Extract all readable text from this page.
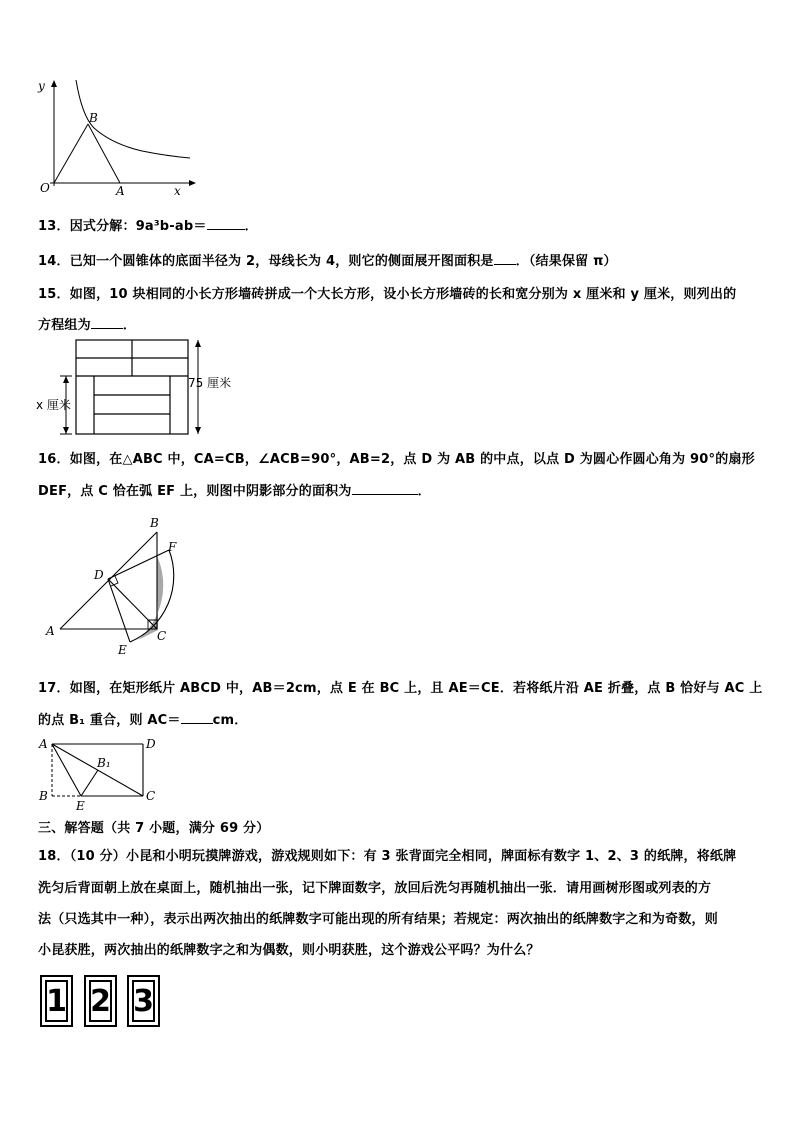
y
x
O	A
B
13．因式分解：9a³b-ab＝	．
14．已知一个圆锥体的底面半径为 2，母线长为 4，则它的侧面展开图面积是 ．（结果保留 π）
15．如图，10 块相同的小长方形墙砖拼成一个大长方形，设小长方形墙砖的长和宽分别为 x 厘米和 y 厘米，则列出的
方程组为 ．
75 厘米
x 厘米
16．如图，在△ABC 中，CA=CB，∠ACB=90°，AB=2，点 D 为 AB 的中点，以点 D 为圆心作圆心角为 90°的扇形
DEF，点 C 恰在弧 EF 上，则图中阴影部分的面积为	．
A
B
C
D
E
F
17．如图，在矩形纸片 ABCD 中，AB＝2cm，点 E 在 BC 上，且 AE＝CE．若将纸片沿 AE 折叠，点 B 恰好与 AC 上
的点 B₁ 重合，则 AC＝ cm．
A	D
B	C
E
B₁
三、解答题（共 7 小题，满分 69 分）
18．（10 分）小昆和小明玩摸牌游戏，游戏规则如下：有 3 张背面完全相同，牌面标有数字 1、2、3 的纸牌，将纸牌
洗匀后背面朝上放在桌面上，随机抽出一张，记下牌面数字，放回后洗匀再随机抽出一张．请用画树形图或列表的方
法（只选其中一种），表示出两次抽出的纸牌数字可能出现的所有结果；若规定：两次抽出的纸牌数字之和为奇数，则
小昆获胜，两次抽出的纸牌数字之和为偶数，则小明获胜，这个游戏公平吗？为什么？
1 2 3
